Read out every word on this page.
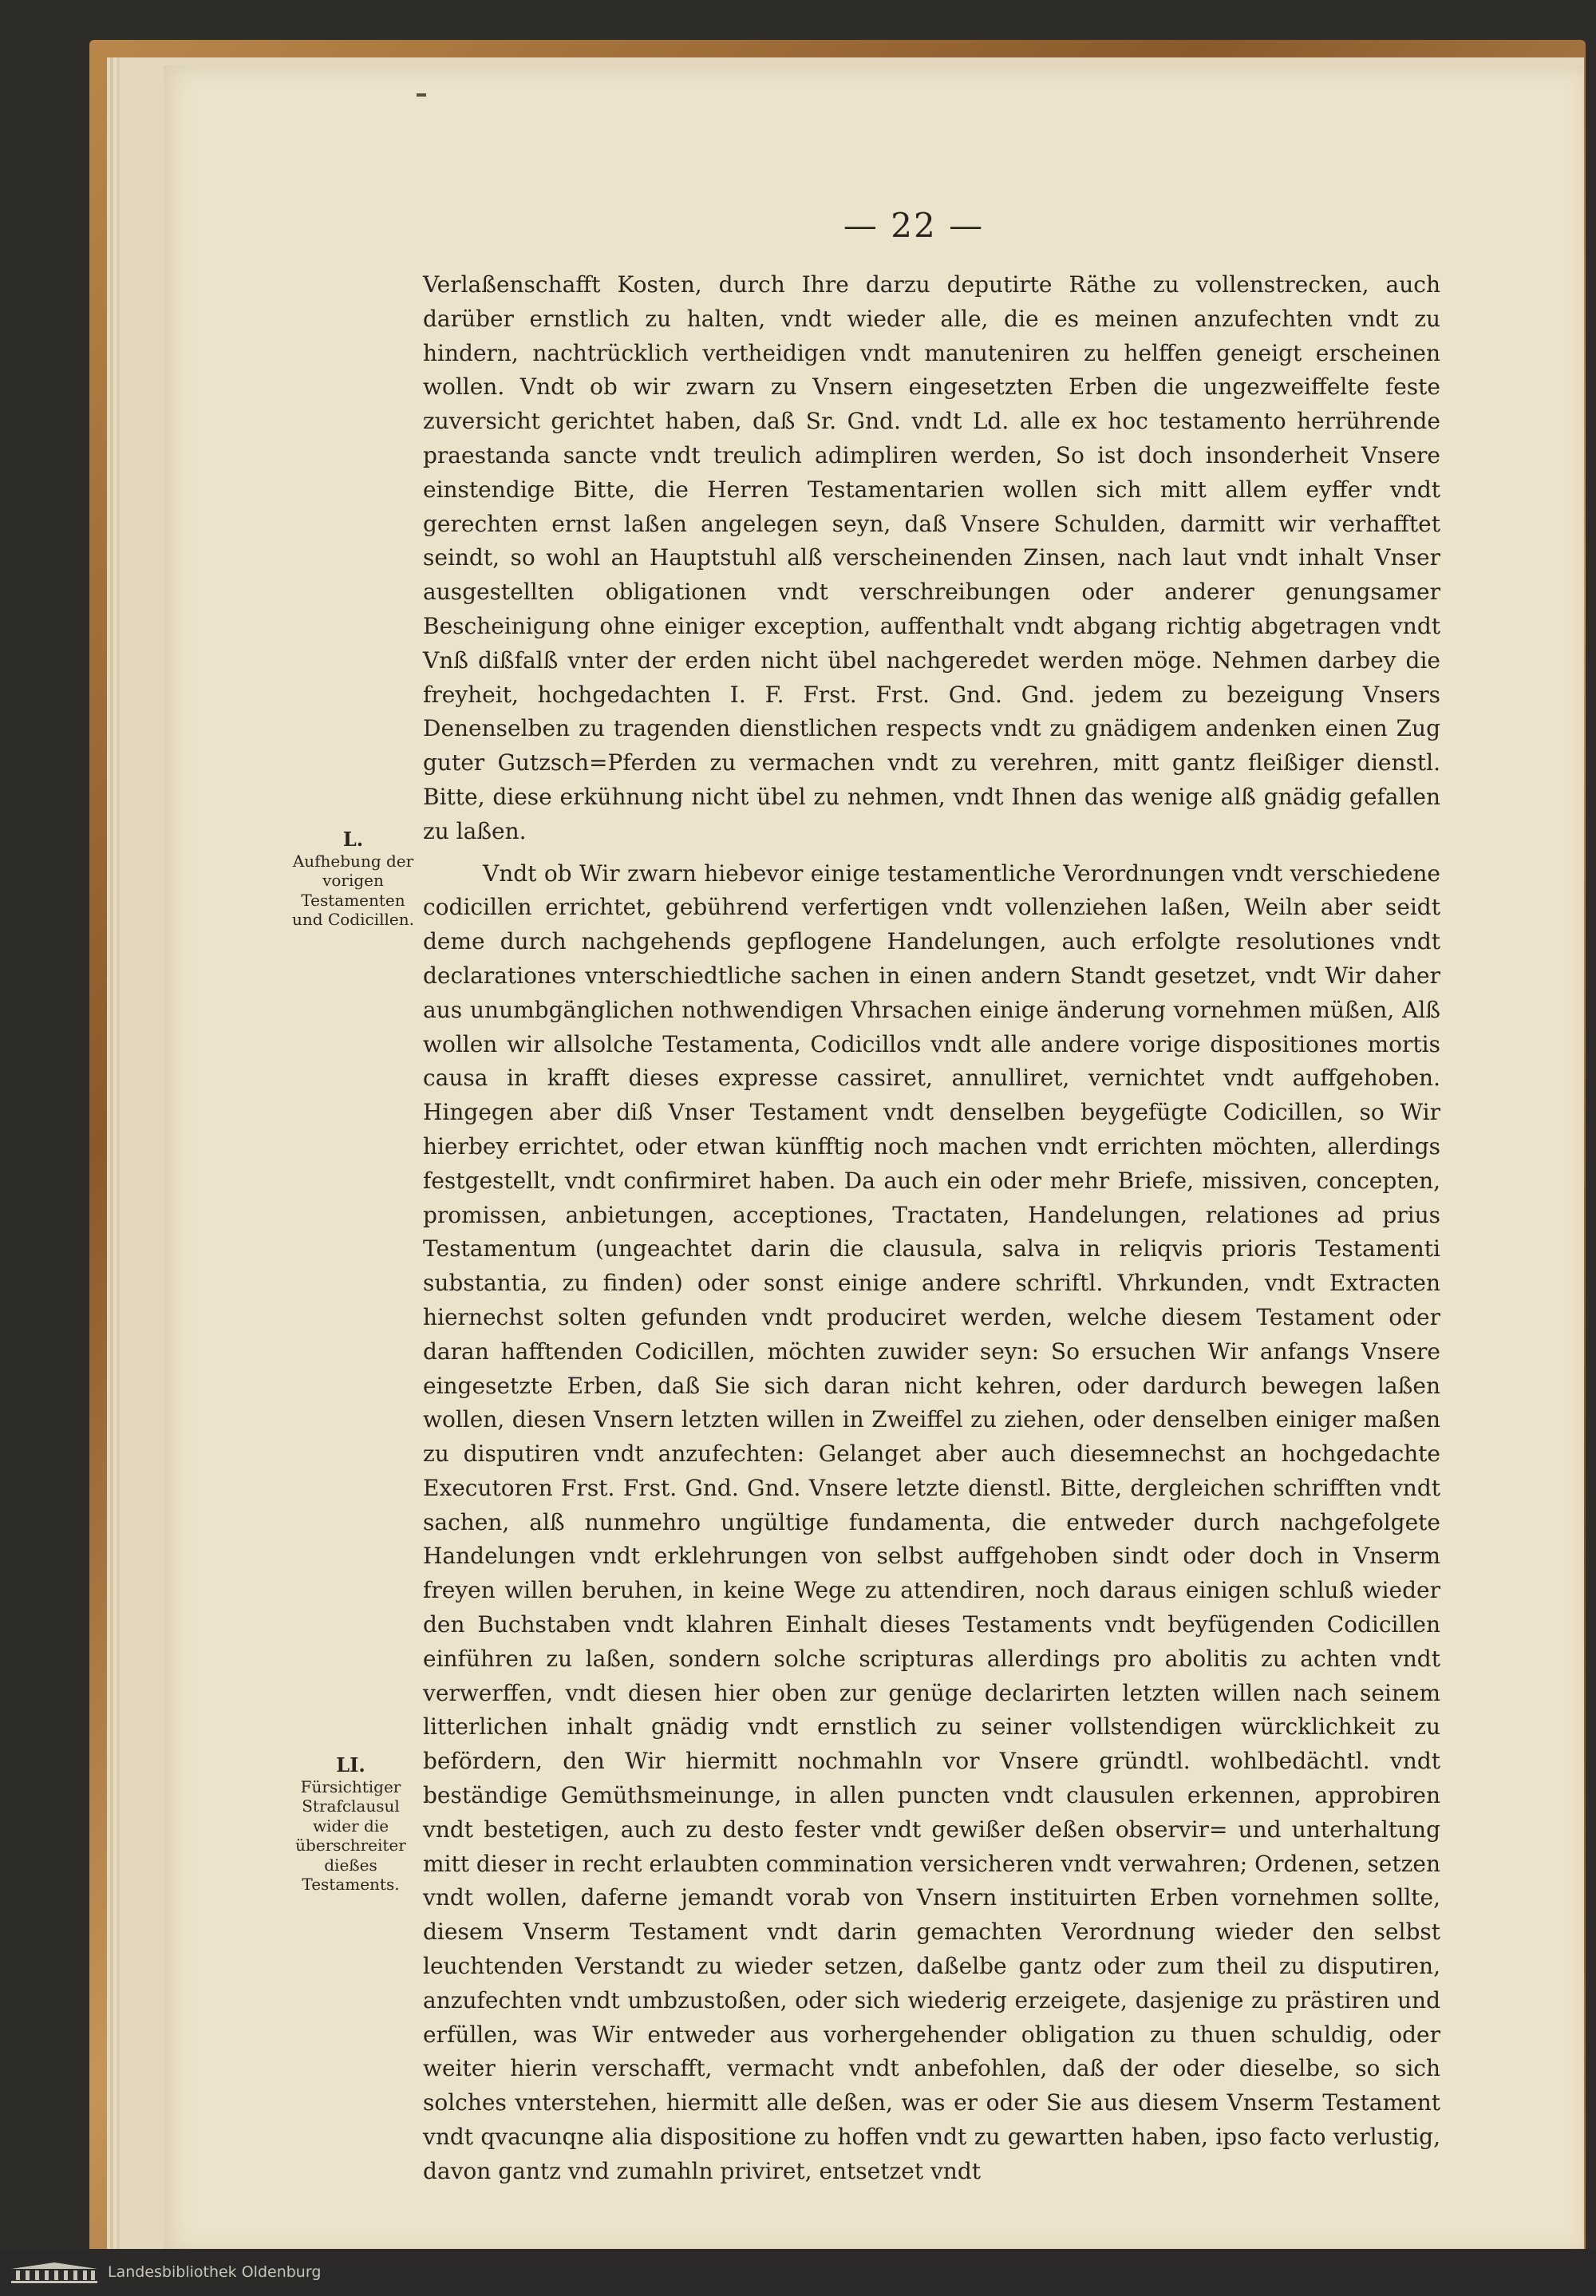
— 22 —

Verlaßenschafft Kosten, durch Ihre darzu deputirte Räthe zu vollenstrecken, auch darüber ernstlich zu halten, vndt wieder alle, die es meinen anzufechten vndt zu hindern, nachtrücklich vertheidigen vndt manuteniren zu helffen geneigt erscheinen wollen. Vndt ob wir zwarn zu Vnsern eingesetzten Erben die ungezweiffelte feste zuversicht gerichtet haben, daß Sr. Gnd. vndt Ld. alle ex hoc testamento herrührende praestanda sancte vndt treulich adimpliren werden, So ist doch insonderheit Vnsere einstendige Bitte, die Herren Testamentarien wollen sich mitt allem eyffer vndt gerechten ernst laßen angelegen seyn, daß Vnsere Schulden, darmitt wir verhafftet seindt, so wohl an Hauptstuhl alß verscheinenden Zinsen, nach laut vndt inhalt Vnser ausgestellten obligationen vndt verschreibungen oder anderer genungsamer Bescheinigung ohne einiger exception, auffenthalt vndt abgang richtig abgetragen vndt Vnß dißfalß vnter der erden nicht übel nachgeredet werden möge. Nehmen darbey die freyheit, hochgedachten I. F. Frst. Frst. Gnd. Gnd. jedem zu bezeigung Vnsers Denenselben zu tragenden dienstlichen respects vndt zu gnädigem andenken einen Zug guter Gutzsch=Pferden zu vermachen vndt zu verehren, mitt gantz fleißiger dienstl. Bitte, diese erkühnung nicht übel zu nehmen, vndt Ihnen das wenige alß gnädig gefallen zu laßen.

Vndt ob Wir zwarn hiebevor einige testamentliche Verordnungen vndt verschiedene codicillen errichtet, gebührend verfertigen vndt vollenziehen laßen, Weiln aber seidt deme durch nachgehends gepflogene Handelungen, auch erfolgte resolutiones vndt declarationes vnterschiedtliche sachen in einen andern Standt gesetzet, vndt Wir daher aus unumbgänglichen nothwendigen Vhrsachen einige änderung vornehmen müßen, Alß wollen wir allsolche Testamenta, Codicillos vndt alle andere vorige dispositiones mortis causa in krafft dieses expresse cassiret, annulliret, vernichtet vndt auffgehoben. Hingegen aber diß Vnser Testament vndt denselben beygefügte Codicillen, so Wir hierbey errichtet, oder etwan künfftig noch machen vndt errichten möchten, allerdings festgestellt, vndt confirmiret haben. Da auch ein oder mehr Briefe, missiven, concepten, promissen, anbietungen, acceptiones, Tractaten, Handelungen, relationes ad prius Testamentum (ungeachtet darin die clausula, salva in reliqvis prioris Testamenti substantia, zu finden) oder sonst einige andere schriftl. Vhrkunden, vndt Extracten hiernechst solten gefunden vndt produciret werden, welche diesem Testament oder daran hafftenden Codicillen, möchten zuwider seyn: So ersuchen Wir anfangs Vnsere eingesetzte Erben, daß Sie sich daran nicht kehren, oder dardurch bewegen laßen wollen, diesen Vnsern letzten willen in Zweiffel zu ziehen, oder denselben einiger maßen zu disputiren vndt anzufechten: Gelanget aber auch diesemnechst an hochgedachte Executoren Frst. Frst. Gnd. Gnd. Vnsere letzte dienstl. Bitte, dergleichen schrifften vndt sachen, alß nunmehro ungültige fundamenta, die entweder durch nachgefolgete Handelungen vndt erklehrungen von selbst auffgehoben sindt oder doch in Vnserm freyen willen beruhen, in keine Wege zu attendiren, noch daraus einigen schluß wieder den Buchstaben vndt klahren Einhalt dieses Testaments vndt beyfügenden Codicillen einführen zu laßen, sondern solche scripturas allerdings pro abolitis zu achten vndt verwerffen, vndt diesen hier oben zur genüge declarirten letzten willen nach seinem litterlichen inhalt gnädig vndt ernstlich zu seiner vollstendigen würcklichkeit zu befördern, den Wir hiermitt nochmahln vor Vnsere gründtl. wohlbedächtl. vndt beständige Gemüthsmeinunge, in allen puncten vndt clausulen erkennen, approbiren vndt bestetigen, auch zu desto fester vndt gewißer deßen observir= und unterhaltung mitt dieser in recht erlaubten commination versicheren vndt verwahren; Ordenen, setzen vndt wollen, daferne jemandt vorab von Vnsern instituirten Erben vornehmen sollte, diesem Vnserm Testament vndt darin gemachten Verordnung wieder den selbst leuchtenden Verstandt zu wieder setzen, daßelbe gantz oder zum theil zu disputiren, anzufechten vndt umbzustoßen, oder sich wiederig erzeigete, dasjenige zu prästiren und erfüllen, was Wir entweder aus vorhergehender obligation zu thuen schuldig, oder weiter hierin verschafft, vermacht vndt anbefohlen, daß der oder dieselbe, so sich solches vnterstehen, hiermitt alle deßen, was er oder Sie aus diesem Vnserm Testament vndt qvacunqne alia dispositione zu hoffen vndt zu gewartten haben, ipso facto verlustig, davon gantz vnd zumahln priviret, entsetzet vndt

L.
Aufhebung der vorigen Testamenten und Codicillen.
LI.
Fürsichtiger Strafclausul wider die überschreiter dießes Testaments.
Landesbibliothek Oldenburg
